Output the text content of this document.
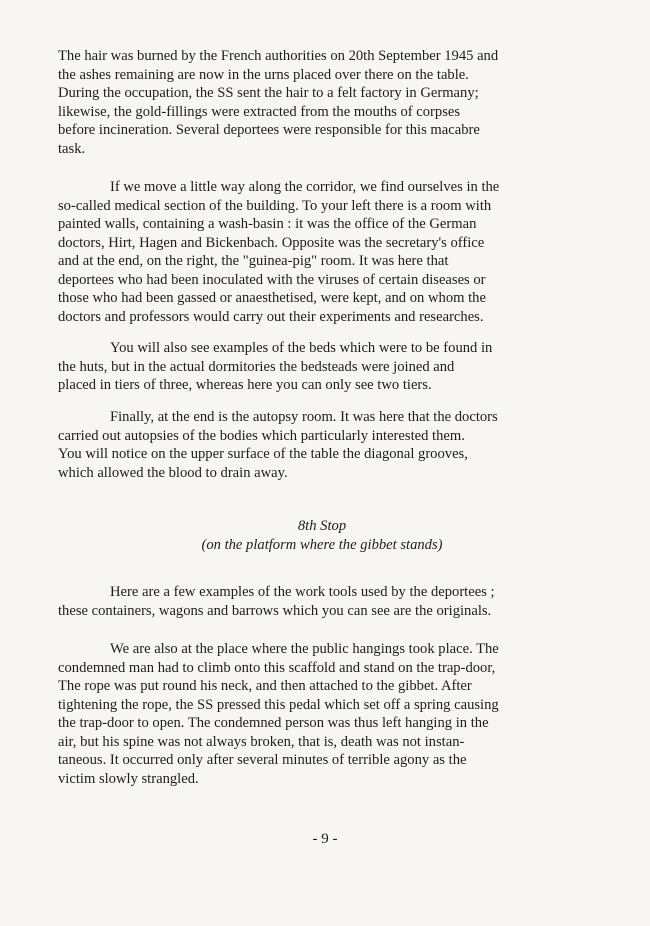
The hair was burned by the French authorities on 20th September 1945 and
the ashes remaining are now in the urns placed over there on the table.
During the occupation, the SS sent the hair to a felt factory in Germany;
likewise, the gold-fillings were extracted from the mouths of corpses
before incineration. Several deportees were responsible for this macabre
task.
If we move a little way along the corridor, we find ourselves in the
so-called medical section of the building. To your left there is a room with
painted walls, containing a wash-basin : it was the office of the German
doctors, Hirt, Hagen and Bickenbach. Opposite was the secretary's office
and at the end, on the right, the "guinea-pig" room. It was here that
deportees who had been inoculated with the viruses of certain diseases or
those who had been gassed or anaesthetised, were kept, and on whom the
doctors and professors would carry out their experiments and researches.
You will also see examples of the beds which were to be found in
the huts, but in the actual dormitories the bedsteads were joined and
placed in tiers of three, whereas here you can only see two tiers.
Finally, at the end is the autopsy room. It was here that the doctors
carried out autopsies of the bodies which particularly interested them.
You will notice on the upper surface of the table the diagonal grooves,
which allowed the blood to drain away.
8th Stop
(on the platform where the gibbet stands)
Here are a few examples of the work tools used by the deportees ;
these containers, wagons and barrows which you can see are the originals.
We are also at the place where the public hangings took place. The
condemned man had to climb onto this scaffold and stand on the trap-door,
The rope was put round his neck, and then attached to the gibbet. After
tightening the rope, the SS pressed this pedal which set off a spring causing
the trap-door to open. The condemned person was thus left hanging in the
air, but his spine was not always broken, that is, death was not instan-
taneous. It occurred only after several minutes of terrible agony as the
victim slowly strangled.
- 9 -
